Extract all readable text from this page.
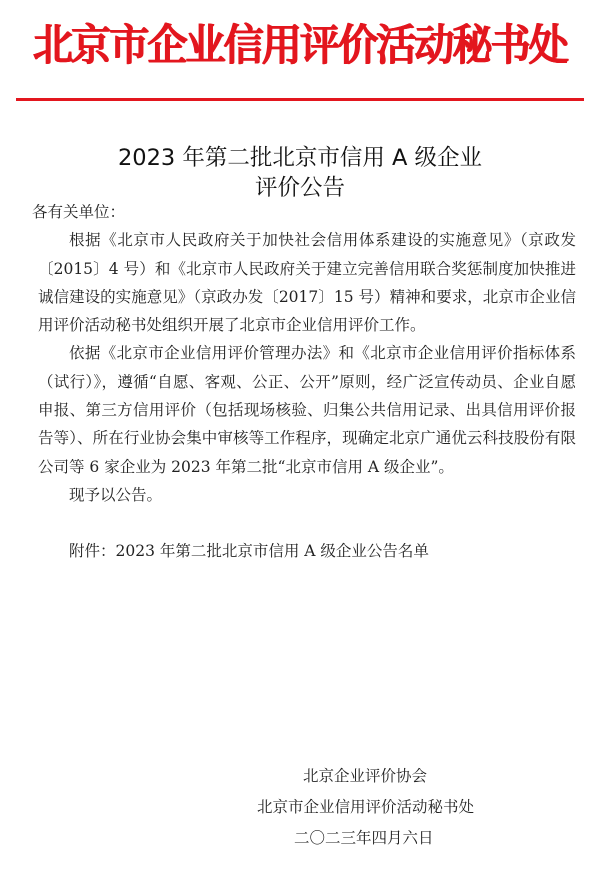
北京市企业信用评价活动秘书处
2023 年第二批北京市信用 A 级企业
评价公告

各有关单位：

根据《北京市人民政府关于加快社会信用体系建设的实施意见》（京政发〔2015〕4 号）和《北京市人民政府关于建立完善信用联合奖惩制度加快推进诚信建设的实施意见》（京政办发〔2017〕15 号）精神和要求，北京市企业信用评价活动秘书处组织开展了北京市企业信用评价工作。

依据《北京市企业信用评价管理办法》和《北京市企业信用评价指标体系（试行）》，遵循“自愿、客观、公正、公开”原则，经广泛宣传动员、企业自愿申报、第三方信用评价（包括现场核验、归集公共信用记录、出具信用评价报告等）、所在行业协会集中审核等工作程序，现确定北京广通优云科技股份有限公司等 6 家企业为 2023 年第二批“北京市信用 A 级企业”。

现予以公告。

附件：2023 年第二批北京市信用 A 级企业公告名单

北京企业评价协会
北京市企业信用评价活动秘书处
二〇二三年四月六日
